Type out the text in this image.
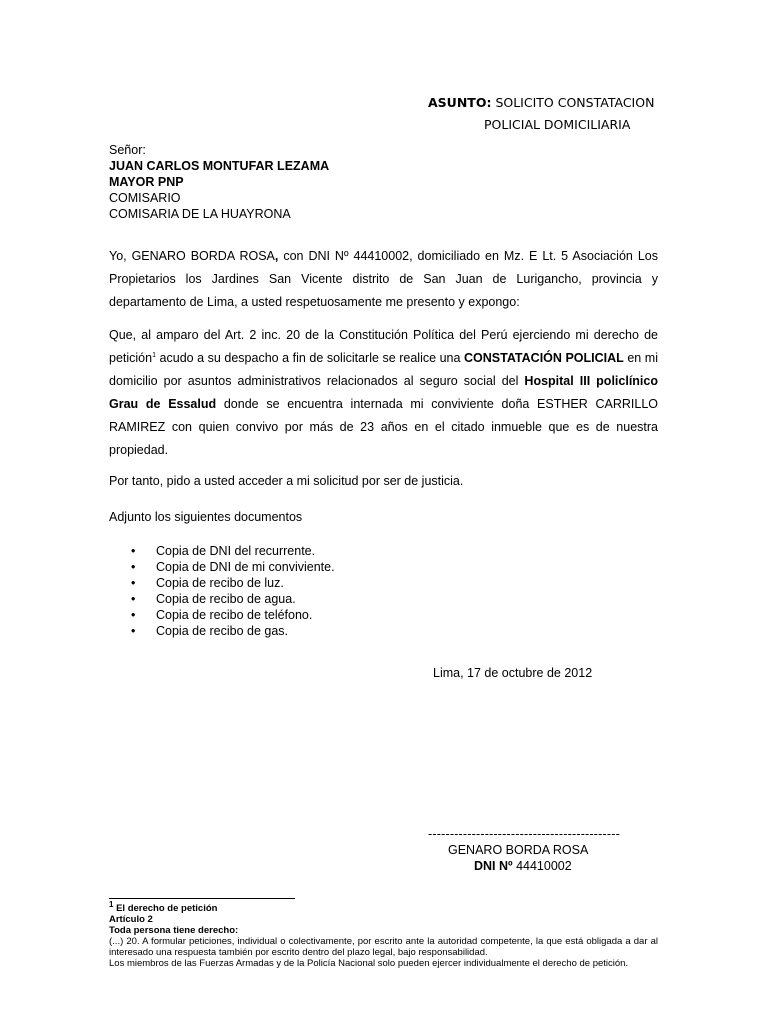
ASUNTO: SOLICITO CONSTATACION
POLICIAL DOMICILIARIA
Señor:
JUAN CARLOS MONTUFAR LEZAMA
MAYOR PNP
COMISARIO
COMISARIA DE LA HUAYRONA
Yo, GENARO BORDA ROSA, con DNI Nº 44410002, domiciliado en Mz. E Lt. 5 Asociación Los Propietarios los Jardines San Vicente distrito de San Juan de Lurigancho, provincia y departamento de Lima, a usted respetuosamente me presento y expongo:
Que, al amparo del Art. 2 inc. 20 de la Constitución Política del Perú ejerciendo mi derecho de petición$^1$ acudo a su despacho a fin de solicitarle se realice una CONSTATACIÓN POLICIAL en mi domicilio por asuntos administrativos relacionados al seguro social del Hospital III policlínico Grau de Essalud donde se encuentra internada mi conviviente doña ESTHER CARRILLO RAMIREZ con quien convivo por más de 23 años en el citado inmueble que es de nuestra propiedad.
Por tanto, pido a usted acceder a mi solicitud por ser de justicia.
Adjunto los siguientes documentos
• Copia de DNI del recurrente.
• Copia de DNI de mi conviviente.
• Copia de recibo de luz.
• Copia de recibo de agua.
• Copia de recibo de teléfono.
• Copia de recibo de gas.
Lima, 17 de octubre de 2012
--------------------------------------------
GENARO BORDA ROSA
DNI Nº 44410002
$^1$ El derecho de petición
Artículo 2
Toda persona tiene derecho:
(...) 20. A formular peticiones, individual o colectivamente, por escrito ante la autoridad competente, la que está obligada a dar al interesado una respuesta también por escrito dentro del plazo legal, bajo responsabilidad.
Los miembros de las Fuerzas Armadas y de la Policía Nacional solo pueden ejercer individualmente el derecho de petición.
